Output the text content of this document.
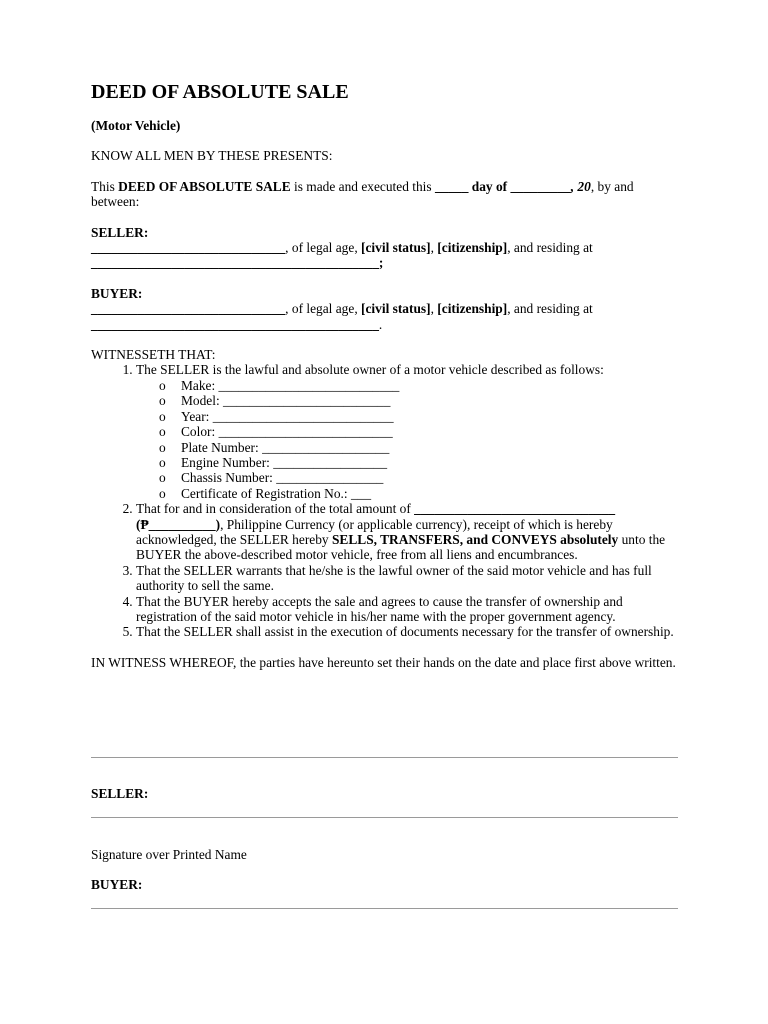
DEED OF ABSOLUTE SALE

(Motor Vehicle)

KNOW ALL MEN BY THESE PRESENTS:

This DEED OF ABSOLUTE SALE is made and executed this _____ day of _________, 20, by and between:

SELLER:

_____________________________, of legal age, [civil status], [citizenship], and residing at
___________________________________________;

BUYER:

_____________________________, of legal age, [civil status], [citizenship], and residing at
___________________________________________.

WITNESSETH THAT:

1. The SELLER is the lawful and absolute owner of a motor vehicle described as follows:
o Make: ___________________________
o Model: _________________________
o Year: ___________________________
o Color: __________________________
o Plate Number: ___________________
o Engine Number: _________________
o Chassis Number: ________________
o Certificate of Registration No.: ___
2. That for and in consideration of the total amount of ______________________________ (₱__________), Philippine Currency (or applicable currency), receipt of which is hereby acknowledged, the SELLER hereby SELLS, TRANSFERS, and CONVEYS absolutely unto the BUYER the above-described motor vehicle, free from all liens and encumbrances.
3. That the SELLER warrants that he/she is the lawful owner of the said motor vehicle and has full authority to sell the same.
4. That the BUYER hereby accepts the sale and agrees to cause the transfer of ownership and registration of the said motor vehicle in his/her name with the proper government agency.
5. That the SELLER shall assist in the execution of documents necessary for the transfer of ownership.

IN WITNESS WHEREOF, the parties have hereunto set their hands on the date and place first above written.

SELLER:

Signature over Printed Name

BUYER:
